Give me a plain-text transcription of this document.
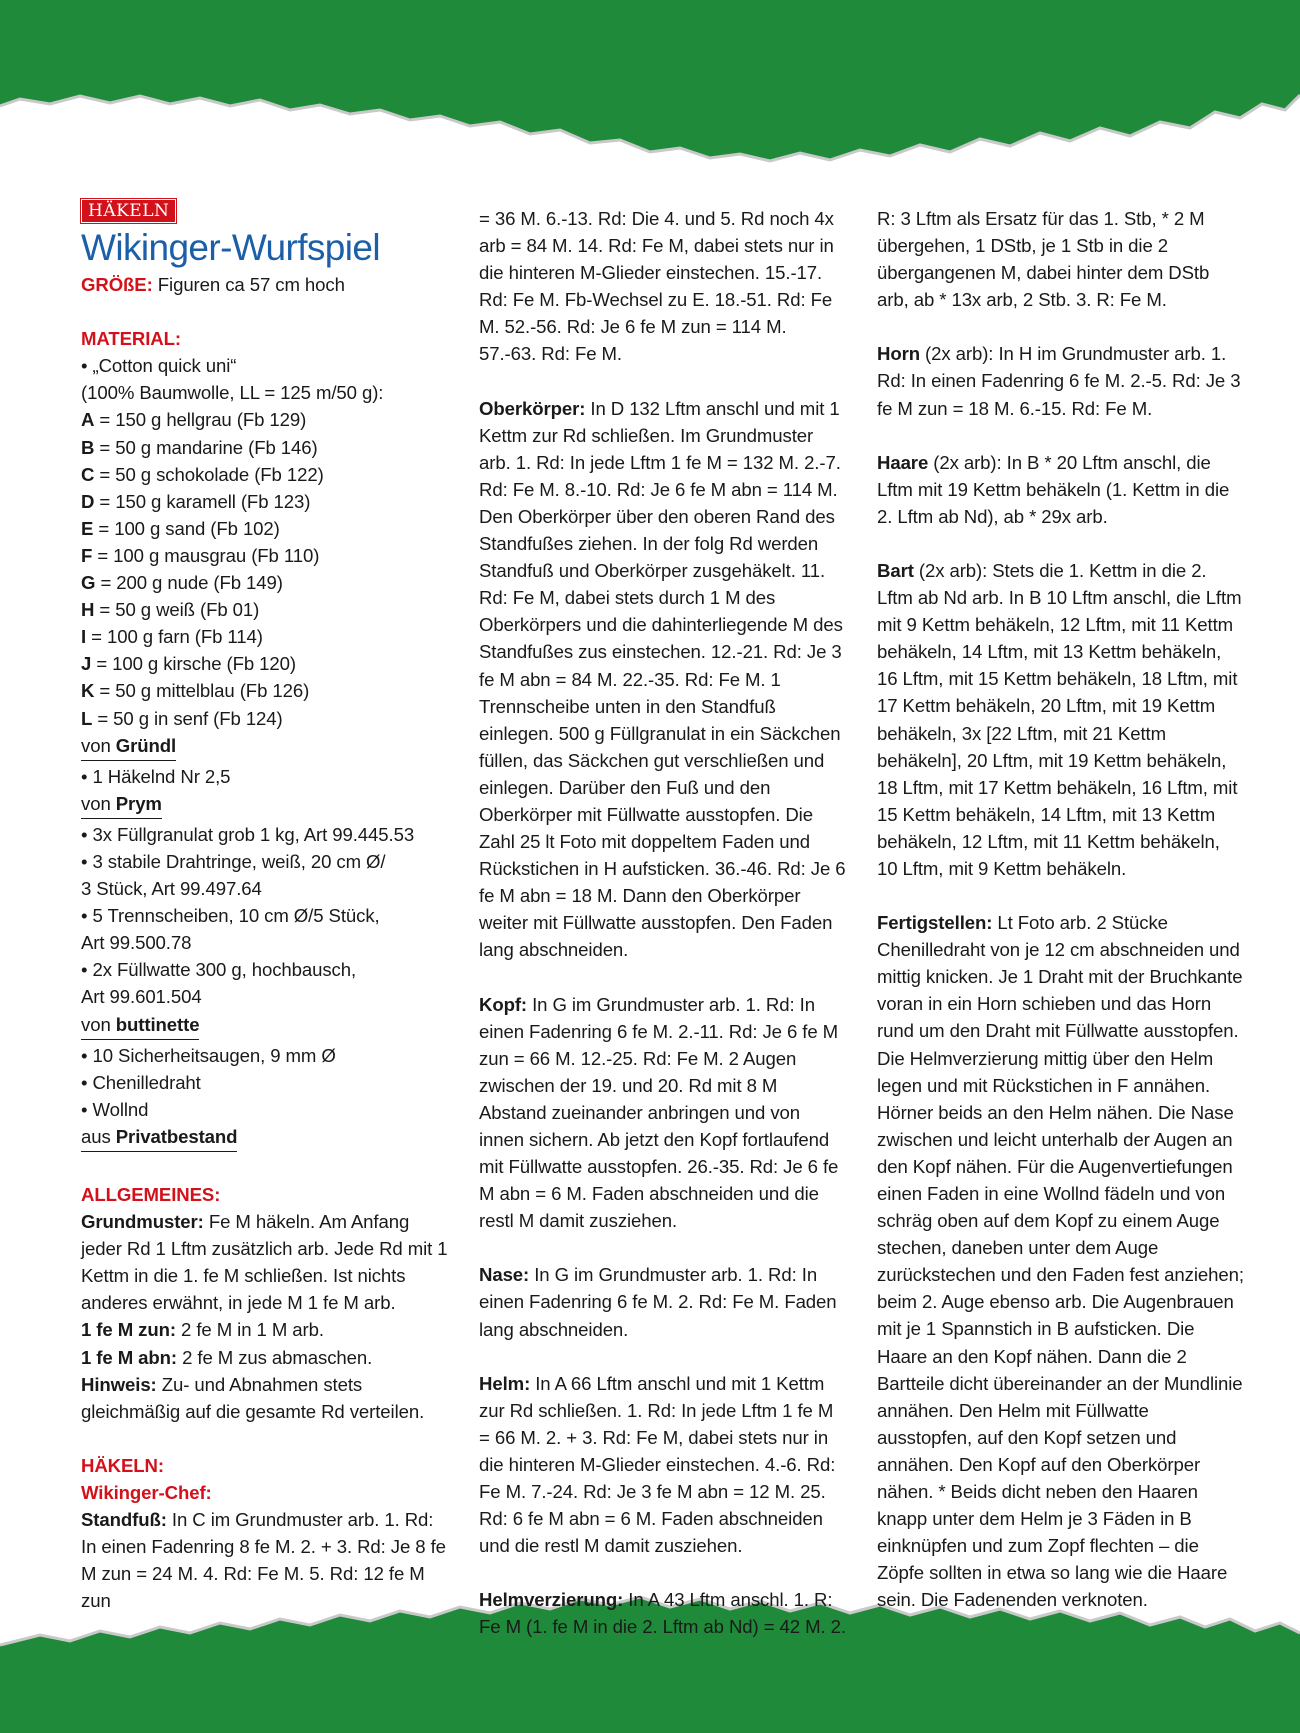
HÄKELN
Wikinger-Wurfspiel

GRÖßE: Figuren ca 57 cm hoch

MATERIAL:

• „Cotton quick uni“

(100% Baumwolle, LL = 125 m/50 g):

A = 150 g hellgrau (Fb 129)

B = 50 g mandarine (Fb 146)

C = 50 g schokolade (Fb 122)

D = 150 g karamell (Fb 123)

E = 100 g sand (Fb 102)

F = 100 g mausgrau (Fb 110)

G = 200 g nude (Fb 149)

H = 50 g weiß (Fb 01)

I = 100 g farn (Fb 114)

J = 100 g kirsche (Fb 120)

K = 50 g mittelblau (Fb 126)

L = 50 g in senf (Fb 124)

von Gründl

• 1 Häkelnd Nr 2,5

von Prym

• 3x Füllgranulat grob 1 kg, Art 99.445.53

• 3 stabile Drahtringe, weiß, 20 cm Ø/

3 Stück, Art 99.497.64

• 5 Trennscheiben, 10 cm Ø/5 Stück,

Art 99.500.78

• 2x Füllwatte 300 g, hochbausch,

Art 99.601.504

von buttinette

• 10 Sicherheitsaugen, 9 mm Ø

• Chenilledraht

• Wollnd

aus Privatbestand

ALLGEMEINES:

Grundmuster: Fe M häkeln. Am Anfang jeder Rd 1 Lftm zusätzlich arb. Jede Rd mit 1 Kettm in die 1. fe M schließen. Ist nichts anderes erwähnt, in jede M 1 fe M arb.

1 fe M zun: 2 fe M in 1 M arb.

1 fe M abn: 2 fe M zus abmaschen.

Hinweis: Zu- und Abnahmen stets gleichmäßig auf die gesamte Rd verteilen.

HÄKELN:

Wikinger-Chef:

Standfuß: In C im Grundmuster arb. 1. Rd: In einen Fadenring 8 fe M. 2. + 3. Rd: Je 8 fe M zun = 24 M. 4. Rd: Fe M. 5. Rd: 12 fe M zun

= 36 M. 6.-13. Rd: Die 4. und 5. Rd noch 4x arb = 84 M. 14. Rd: Fe M, dabei stets nur in die hinteren M-Glieder einstechen. 15.-17. Rd: Fe M. Fb-Wechsel zu E. 18.-51. Rd: Fe M. 52.-56. Rd: Je 6 fe M zun = 114 M. 57.-63. Rd: Fe M.

Oberkörper: In D 132 Lftm anschl und mit 1 Kettm zur Rd schließen. Im Grundmuster arb. 1. Rd: In jede Lftm 1 fe M = 132 M. 2.-7. Rd: Fe M. 8.-10. Rd: Je 6 fe M abn = 114 M. Den Oberkörper über den oberen Rand des Standfußes ziehen. In der folg Rd werden Standfuß und Oberkörper zusgehäkelt. 11. Rd: Fe M, dabei stets durch 1 M des Oberkörpers und die dahinterliegende M des Standfußes zus einstechen. 12.-21. Rd: Je 3 fe M abn = 84 M. 22.-35. Rd: Fe M. 1 Trennscheibe unten in den Standfuß einlegen. 500 g Füllgranulat in ein Säckchen füllen, das Säckchen gut verschließen und einlegen. Darüber den Fuß und den Oberkörper mit Füllwatte ausstopfen. Die Zahl 25 lt Foto mit doppeltem Faden und Rückstichen in H aufsticken. 36.-46. Rd: Je 6 fe M abn = 18 M. Dann den Oberkörper weiter mit Füllwatte ausstopfen. Den Faden lang abschneiden.

Kopf: In G im Grundmuster arb. 1. Rd: In einen Fadenring 6 fe M. 2.-11. Rd: Je 6 fe M zun = 66 M. 12.-25. Rd: Fe M. 2 Augen zwischen der 19. und 20. Rd mit 8 M Abstand zueinander anbringen und von innen sichern. Ab jetzt den Kopf fortlaufend mit Füllwatte ausstopfen. 26.-35. Rd: Je 6 fe M abn = 6 M. Faden abschneiden und die restl M damit zusziehen.

Nase: In G im Grundmuster arb. 1. Rd: In einen Fadenring 6 fe M. 2. Rd: Fe M. Faden lang abschneiden.

Helm: In A 66 Lftm anschl und mit 1 Kettm zur Rd schließen. 1. Rd: In jede Lftm 1 fe M = 66 M. 2. + 3. Rd: Fe M, dabei stets nur in die hinteren M-Glieder einstechen. 4.-6. Rd: Fe M. 7.-24. Rd: Je 3 fe M abn = 12 M. 25. Rd: 6 fe M abn = 6 M. Faden abschneiden und die restl M damit zusziehen.

Helmverzierung: In A 43 Lftm anschl. 1. R: Fe M (1. fe M in die 2. Lftm ab Nd) = 42 M. 2.

R: 3 Lftm als Ersatz für das 1. Stb, * 2 M übergehen, 1 DStb, je 1 Stb in die 2 übergangenen M, dabei hinter dem DStb arb, ab * 13x arb, 2 Stb. 3. R: Fe M.

Horn (2x arb): In H im Grundmuster arb. 1. Rd: In einen Fadenring 6 fe M. 2.-5. Rd: Je 3 fe M zun = 18 M. 6.-15. Rd: Fe M.

Haare (2x arb): In B * 20 Lftm anschl, die Lftm mit 19 Kettm behäkeln (1. Kettm in die 2. Lftm ab Nd), ab * 29x arb.

Bart (2x arb): Stets die 1. Kettm in die 2. Lftm ab Nd arb. In B 10 Lftm anschl, die Lftm mit 9 Kettm behäkeln, 12 Lftm, mit 11 Kettm behäkeln, 14 Lftm, mit 13 Kettm behäkeln, 16 Lftm, mit 15 Kettm behäkeln, 18 Lftm, mit 17 Kettm behäkeln, 20 Lftm, mit 19 Kettm behäkeln, 3x [22 Lftm, mit 21 Kettm behäkeln], 20 Lftm, mit 19 Kettm behäkeln, 18 Lftm, mit 17 Kettm behäkeln, 16 Lftm, mit 15 Kettm behäkeln, 14 Lftm, mit 13 Kettm behäkeln, 12 Lftm, mit 11 Kettm behäkeln, 10 Lftm, mit 9 Kettm behäkeln.

Fertigstellen: Lt Foto arb. 2 Stücke Chenilledraht von je 12 cm abschneiden und mittig knicken. Je 1 Draht mit der Bruchkante voran in ein Horn schieben und das Horn rund um den Draht mit Füllwatte ausstopfen. Die Helmverzierung mittig über den Helm legen und mit Rückstichen in F annähen. Hörner beids an den Helm nähen. Die Nase zwischen und leicht unterhalb der Augen an den Kopf nähen. Für die Augenvertiefungen einen Faden in eine Wollnd fädeln und von schräg oben auf dem Kopf zu einem Auge stechen, daneben unter dem Auge zurückstechen und den Faden fest anziehen; beim 2. Auge ebenso arb. Die Augenbrauen mit je 1 Spannstich in B aufsticken. Die Haare an den Kopf nähen. Dann die 2 Bartteile dicht übereinander an der Mundlinie annähen. Den Helm mit Füllwatte ausstopfen, auf den Kopf setzen und annähen. Den Kopf auf den Oberkörper nähen. * Beids dicht neben den Haaren knapp unter dem Helm je 3 Fäden in B einknüpfen und zum Zopf flechten – die Zöpfe sollten in etwa so lang wie die Haare sein. Die Fadenenden verknoten.
